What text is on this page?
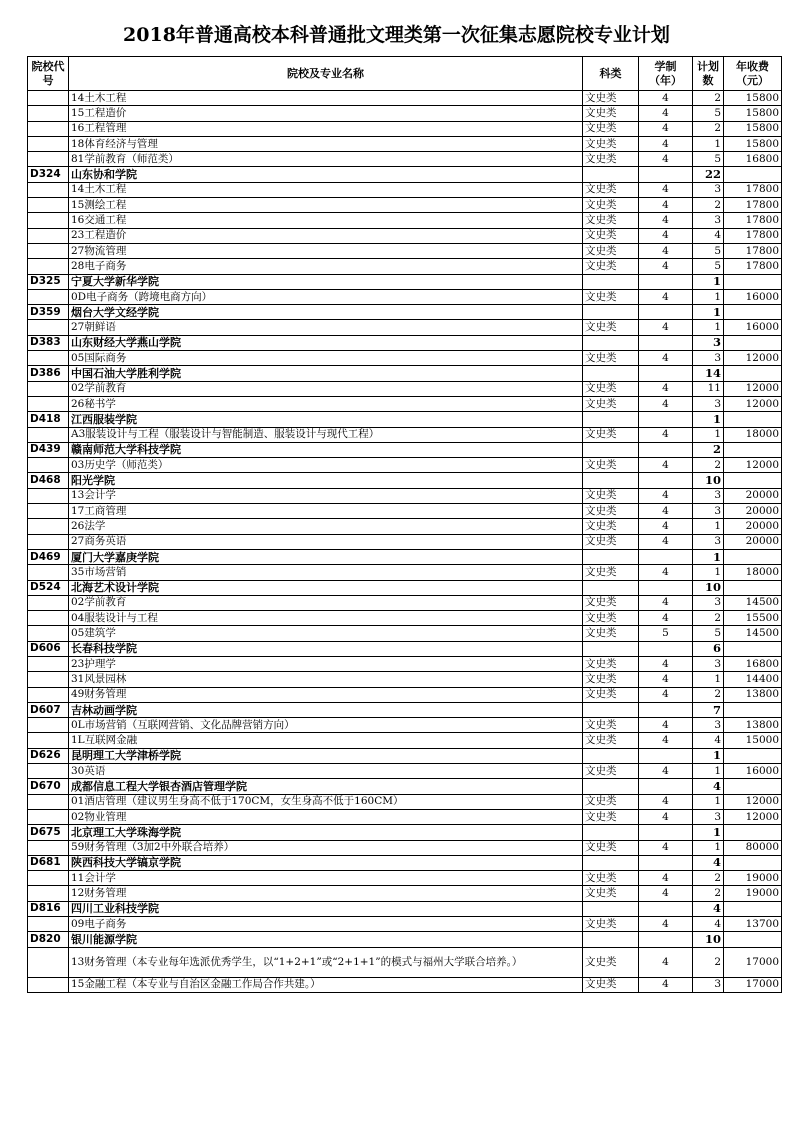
2018年普通高校本科普通批文理类第一次征集志愿院校专业计划
院校代号	院校及专业名称	科类	学制（年）	计划数	年收费（元）
	14土木工程	文史类	4	2	15800
	15工程造价	文史类	4	5	15800
	16工程管理	文史类	4	2	15800
	18体育经济与管理	文史类	4	1	15800
	81学前教育（师范类）	文史类	4	5	16800
D324	山东协和学院			22	
	14土木工程	文史类	4	3	17800
	15测绘工程	文史类	4	2	17800
	16交通工程	文史类	4	3	17800
	23工程造价	文史类	4	4	17800
	27物流管理	文史类	4	5	17800
	28电子商务	文史类	4	5	17800
D325	宁夏大学新华学院			1	
	0D电子商务（跨境电商方向）	文史类	4	1	16000
D359	烟台大学文经学院			1	
	27朝鲜语	文史类	4	1	16000
D383	山东财经大学燕山学院			3	
	05国际商务	文史类	4	3	12000
D386	中国石油大学胜利学院			14	
	02学前教育	文史类	4	11	12000
	26秘书学	文史类	4	3	12000
D418	江西服装学院			1	
	A3服装设计与工程（服装设计与智能制造、服装设计与现代工程）	文史类	4	1	18000
D439	赣南师范大学科技学院			2	
	03历史学（师范类）	文史类	4	2	12000
D468	阳光学院			10	
	13会计学	文史类	4	3	20000
	17工商管理	文史类	4	3	20000
	26法学	文史类	4	1	20000
	27商务英语	文史类	4	3	20000
D469	厦门大学嘉庚学院			1	
	35市场营销	文史类	4	1	18000
D524	北海艺术设计学院			10	
	02学前教育	文史类	4	3	14500
	04服装设计与工程	文史类	4	2	15500
	05建筑学	文史类	5	5	14500
D606	长春科技学院			6	
	23护理学	文史类	4	3	16800
	31风景园林	文史类	4	1	14400
	49财务管理	文史类	4	2	13800
D607	吉林动画学院			7	
	0L市场营销（互联网营销、文化品牌营销方向）	文史类	4	3	13800
	1L互联网金融	文史类	4	4	15000
D626	昆明理工大学津桥学院			1	
	30英语	文史类	4	1	16000
D670	成都信息工程大学银杏酒店管理学院			4	
	01酒店管理（建议男生身高不低于170CM，女生身高不低于160CM）	文史类	4	1	12000
	02物业管理	文史类	4	3	12000
D675	北京理工大学珠海学院			1	
	59财务管理（3加2中外联合培养）	文史类	4	1	80000
D681	陕西科技大学镐京学院			4	
	11会计学	文史类	4	2	19000
	12财务管理	文史类	4	2	19000
D816	四川工业科技学院			4	
	09电子商务	文史类	4	4	13700
D820	银川能源学院			10	
	13财务管理（本专业每年选派优秀学生，以“1+2+1”或“2+1+1”的模式与福州大学联合培养。）	文史类	4	2	17000
	15金融工程（本专业与自治区金融工作局合作共建。）	文史类	4	3	17000
